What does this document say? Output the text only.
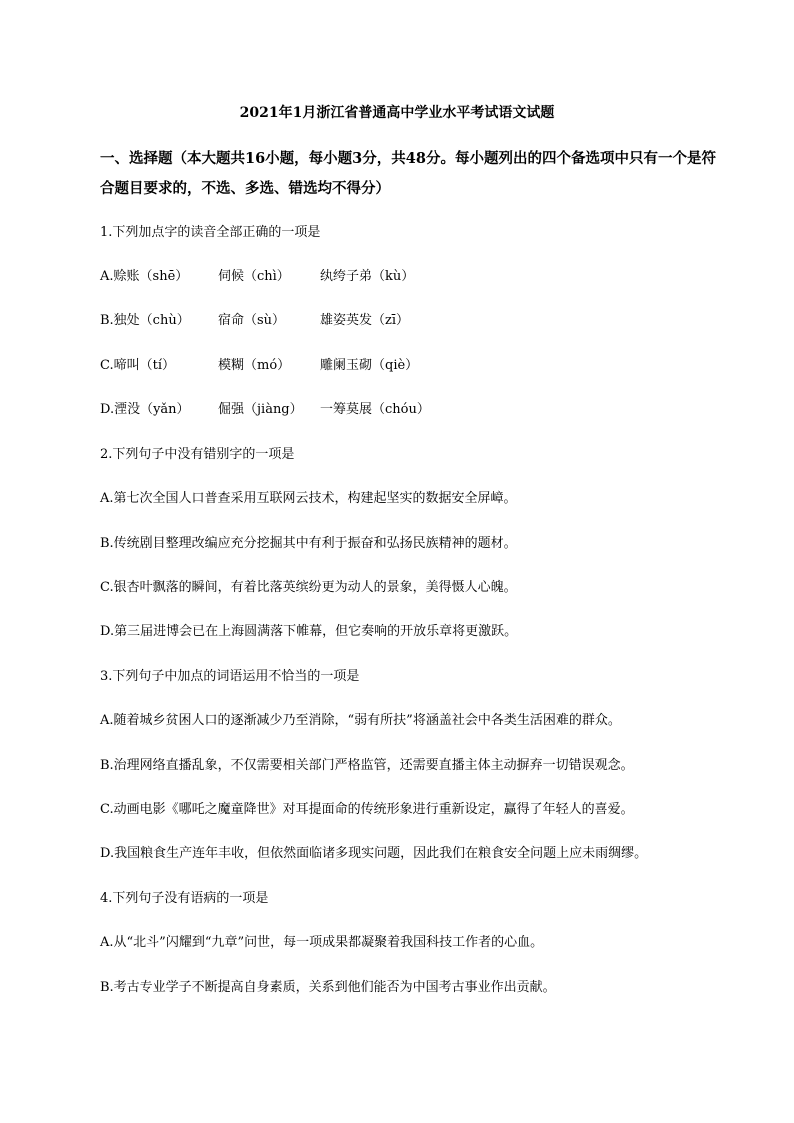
2021年1月浙江省普通高中学业水平考试语文试题
一、选择题（本大题共16小题，每小题3分，共48分。每小题列出的四个备选项中只有一个是符合题目要求的，不选、多选、错选均不得分）
1.下列加点字的读音全部正确的一项是
A.赊账（shē） 伺候（chì） 纨绔子弟（kù）
B.独处（chù） 宿命（sù）	雄姿英发（zī）
C.啼叫（tí）	模糊（mó） 雕阑玉砌（qiè）
D.湮没（yǎn） 倔强（jiàng） 一筹莫展（chóu）
2.下列句子中没有错别字的一项是
A.第七次全国人口普查采用互联网云技术，构建起坚实的数据安全屏嶂。
B.传统剧目整理改编应充分挖掘其中有利于振奋和弘扬民族精神的题材。
C.银杏叶飘落的瞬间，有着比落英缤纷更为动人的景象，美得慑人心魄。
D.第三届进博会已在上海圆满落下帷幕，但它奏响的开放乐章将更激跃。
3.下列句子中加点的词语运用不恰当的一项是
A.随着城乡贫困人口的逐渐减少乃至消除，“弱有所扶”将涵盖社会中各类生活困难的群众。
B.治理网络直播乱象，不仅需要相关部门严格监管，还需要直播主体主动摒弃一切错误观念。
C.动画电影《哪吒之魔童降世》对耳提面命的传统形象进行重新设定，赢得了年轻人的喜爱。
D.我国粮食生产连年丰收，但依然面临诸多现实问题，因此我们在粮食安全问题上应未雨绸缪。
4.下列句子没有语病的一项是
A.从“北斗”闪耀到“九章”问世，每一项成果都凝聚着我国科技工作者的心血。
B.考古专业学子不断提高自身素质，关系到他们能否为中国考古事业作出贡献。
